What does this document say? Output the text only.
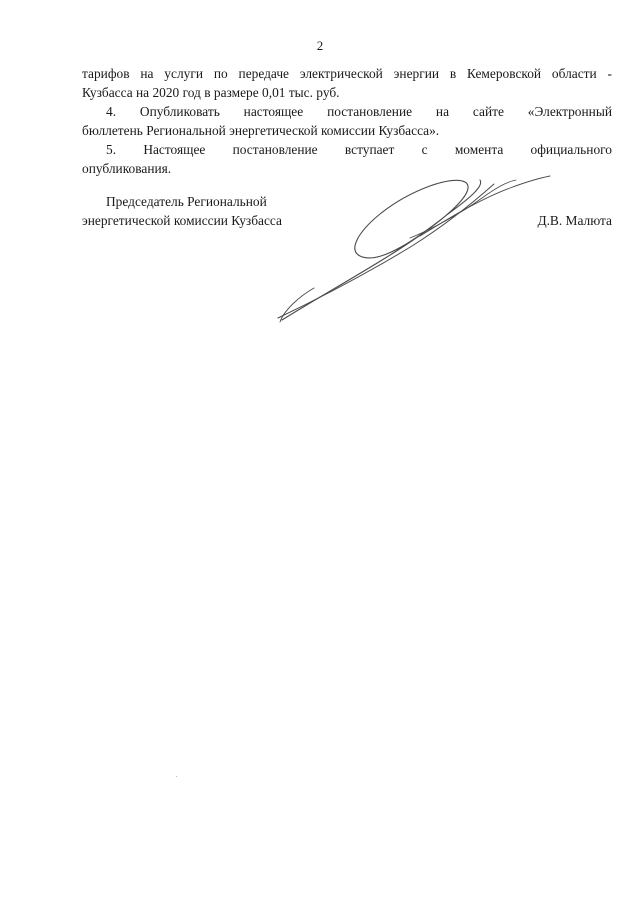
2

тарифов на услуги по передаче электрической энергии в Кемеровской области -
Кузбасса на 2020 год в размере 0,01 тыс. руб.

4. Опубликовать настоящее постановление на сайте «Электронный
бюллетень Региональной энергетической комиссии Кузбасса».

5. Настоящее постановление вступает с момента официального
опубликования.

Председатель Региональной
энергетической комиссии Кузбасса	Д.В. Малюта
